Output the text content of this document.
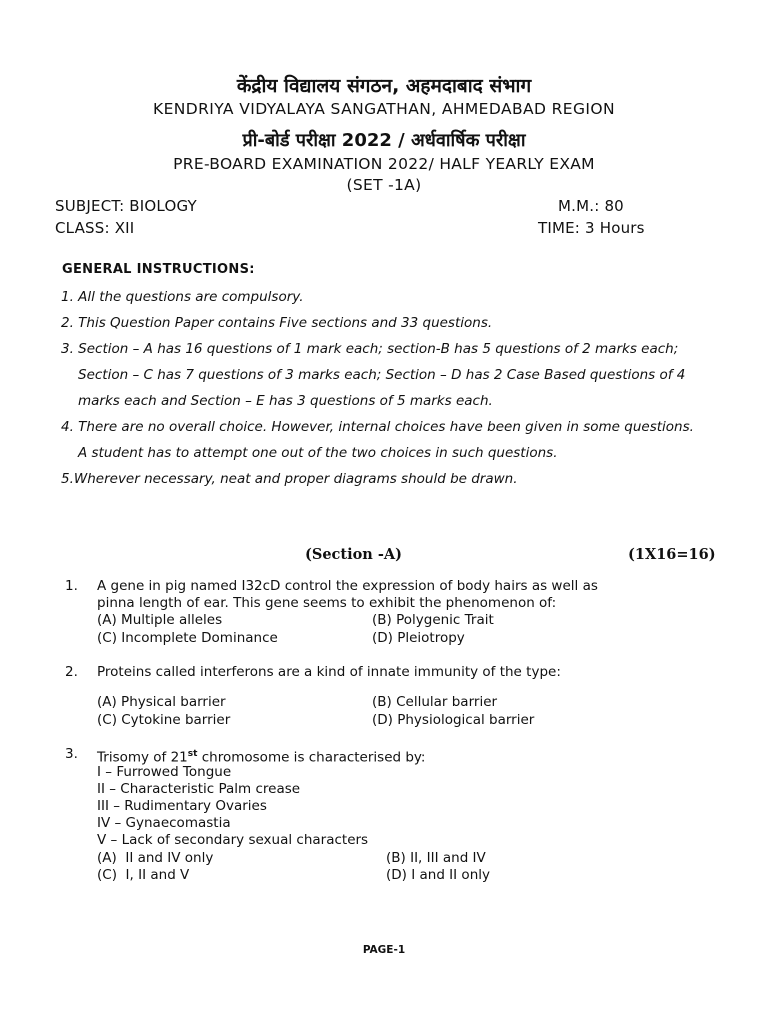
केंद्रीय विद्यालय संगठन, अहमदाबाद संभाग
KENDRIYA VIDYALAYA SANGATHAN, AHMEDABAD REGION
प्री-बोर्ड परीक्षा 2022 / अर्धवार्षिक परीक्षा
PRE-BOARD EXAMINATION 2022/ HALF YEARLY EXAM
(SET -1A)
SUBJECT: BIOLOGY	M.M.: 80
CLASS: XII	TIME: 3 Hours
GENERAL INSTRUCTIONS:
1. All the questions are compulsory.
2. This Question Paper contains Five sections and 33 questions.
3. Section – A has 16 questions of 1 mark each; section-B has 5 questions of 2 marks each;
Section – C has 7 questions of 3 marks each; Section – D has 2 Case Based questions of 4
marks each and Section – E has 3 questions of 5 marks each.
4. There are no overall choice. However, internal choices have been given in some questions.
A student has to attempt one out of the two choices in such questions.
5.Wherever necessary, neat and proper diagrams should be drawn.
(Section -A)	(1X16=16)
1. A gene in pig named I32cD control the expression of body hairs as well as pinna length of ear. This gene seems to exhibit the phenomenon of:
(A) Multiple alleles	(B) Polygenic Trait
(C) Incomplete Dominance	(D) Pleiotropy
2. Proteins called interferons are a kind of innate immunity of the type:
(A) Physical barrier	(B) Cellular barrier
(C) Cytokine barrier	(D) Physiological barrier
3. Trisomy of 21st chromosome is characterised by:
I – Furrowed Tongue
II – Characteristic Palm crease
III – Rudimentary Ovaries
IV – Gynaecomastia
V – Lack of secondary sexual characters
(A)  II and IV only	(B) II, III and IV
(C)  I, II and V	(D) I and II only
PAGE-1
